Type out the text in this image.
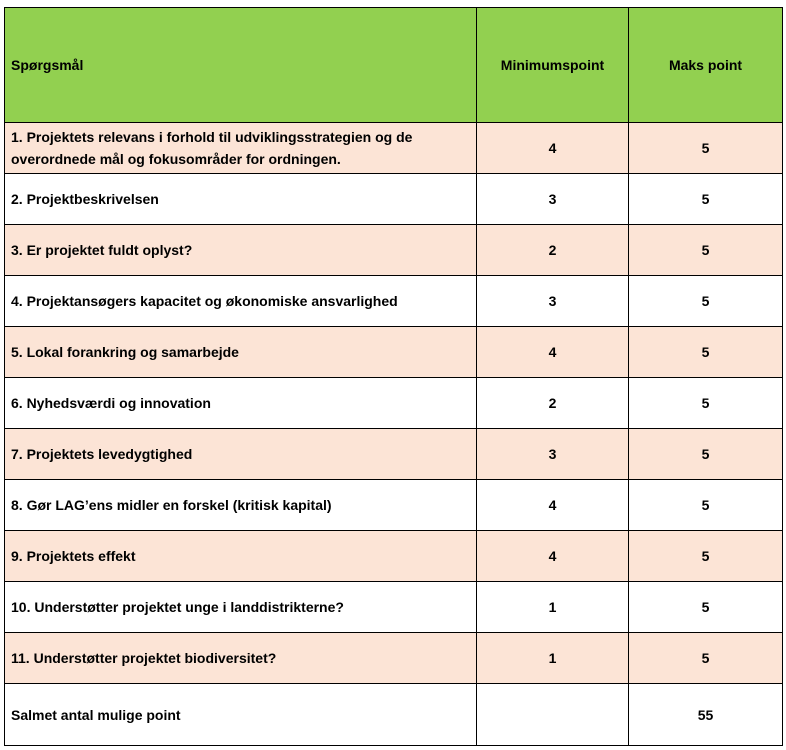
Spørgsmål	Minimumspoint	Maks point
1. Projektets relevans i forhold til udviklingsstrategien og de overordnede mål og fokusområder for ordningen.	4	5
2. Projektbeskrivelsen	3	5
3. Er projektet fuldt oplyst?	2	5
4. Projektansøgers kapacitet og økonomiske ansvarlighed	3	5
5. Lokal forankring og samarbejde	4	5
6. Nyhedsværdi og innovation	2	5
7. Projektets levedygtighed	3	5
8. Gør LAG’ens midler en forskel (kritisk kapital)	4	5
9. Projektets effekt	4	5
10. Understøtter projektet unge i landdistrikterne?	1	5
11. Understøtter projektet biodiversitet?	1	5
Salmet antal mulige point		55
